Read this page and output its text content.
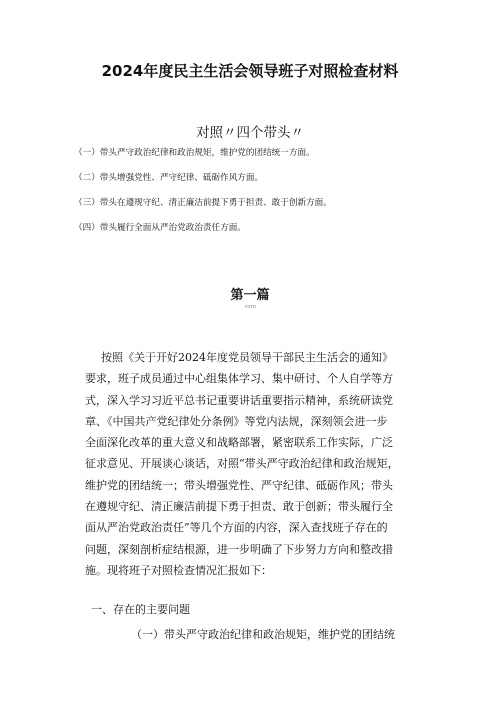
2024年度民主生活会领导班子对照检查材料
对照〃四个带头〃
（一）带头严守政治纪律和政治规矩，维护党的团结统一方面。
（二）带头增强党性、严守纪律、砥砺作风方面。
（三）带头在遵规守纪、清正廉洁前提下勇于担责、敢于创新方面。
（四）带头履行全面从严治党政治责任方面。
第一篇
<cm
按照《关于开好2024年度党员领导干部民主生活会的通知》
要求，班子成员通过中心组集体学习、集中研讨、个人自学等方
式，深入学习习近平总书记重要讲话重要指示精神，系统研读党
章、《中国共产党纪律处分条例》等党内法规，深刻领会进一步
全面深化改革的重大意义和战略部署，紧密联系工作实际，广泛
征求意见、开展谈心谈话，对照“带头严守政治纪律和政治规矩，
维护党的团结统一；带头增强党性、严守纪律、砥砺作风；带头
在遵规守纪、清正廉洁前提下勇于担责、敢于创新；带头履行全
面从严治党政治责任”等几个方面的内容，深入查找班子存在的
问题，深刻剖析症结根源，进一步明确了下步努力方向和整改措
施。现将班子对照检查情况汇报如下：
一、存在的主要问题
（一）带头严守政治纪律和政治规矩，维护党的团结统
